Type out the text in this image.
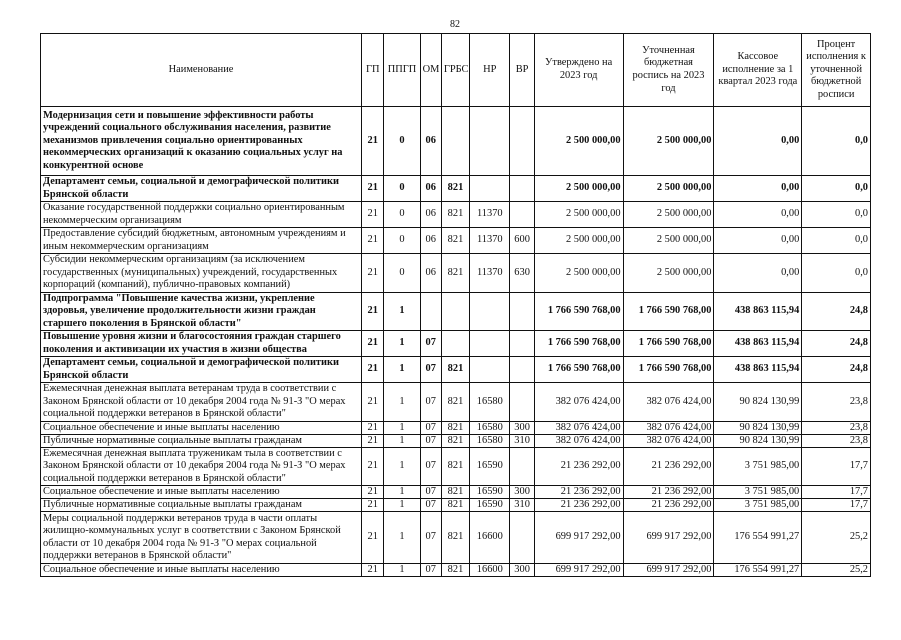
82
Наименование	ГП	ППГП	ОМ	ГРБС	НР	ВР	Утверждено на 2023 год	Уточненная бюджетная роспись на 2023 год	Кассовое исполнение за 1 квартал 2023 года	Процент исполнения к уточненной бюджетной росписи
Модернизация сети и повышение эффективности работы учреждений социального обслуживания населения, развитие механизмов привлечения социально ориентированных некоммерческих организаций к оказанию социальных услуг на конкурентной основе	21	0	06				2 500 000,00	2 500 000,00	0,00	0,0
Департамент семьи, социальной и демографической политики Брянской области	21	0	06	821			2 500 000,00	2 500 000,00	0,00	0,0
Оказание государственной поддержки социально ориентированным некоммерческим организациям	21	0	06	821	11370		2 500 000,00	2 500 000,00	0,00	0,0
Предоставление субсидий бюджетным, автономным учреждениям и иным некоммерческим организациям	21	0	06	821	11370	600	2 500 000,00	2 500 000,00	0,00	0,0
Субсидии некоммерческим организациям (за исключением государственных (муниципальных) учреждений, государственных корпораций (компаний), публично-правовых компаний)	21	0	06	821	11370	630	2 500 000,00	2 500 000,00	0,00	0,0
Подпрограмма "Повышение качества жизни, укрепление здоровья, увеличение продолжительности жизни граждан старшего поколения в Брянской области"	21	1					1 766 590 768,00	1 766 590 768,00	438 863 115,94	24,8
Повышение уровня жизни и благосостояния граждан старшего поколения и активизации их участия в жизни общества	21	1	07				1 766 590 768,00	1 766 590 768,00	438 863 115,94	24,8
Департамент семьи, социальной и демографической политики Брянской области	21	1	07	821			1 766 590 768,00	1 766 590 768,00	438 863 115,94	24,8
Ежемесячная денежная выплата ветеранам труда в соответствии с Законом Брянской области от 10 декабря 2004 года № 91-З "О мерах социальной поддержки ветеранов в Брянской области"	21	1	07	821	16580		382 076 424,00	382 076 424,00	90 824 130,99	23,8
Социальное обеспечение и иные выплаты населению	21	1	07	821	16580	300	382 076 424,00	382 076 424,00	90 824 130,99	23,8
Публичные нормативные социальные выплаты гражданам	21	1	07	821	16580	310	382 076 424,00	382 076 424,00	90 824 130,99	23,8
Ежемесячная денежная выплата труженикам тыла в соответствии с Законом Брянской области от 10 декабря 2004 года № 91-З "О мерах социальной поддержки ветеранов в Брянской области"	21	1	07	821	16590		21 236 292,00	21 236 292,00	3 751 985,00	17,7
Социальное обеспечение и иные выплаты населению	21	1	07	821	16590	300	21 236 292,00	21 236 292,00	3 751 985,00	17,7
Публичные нормативные социальные выплаты гражданам	21	1	07	821	16590	310	21 236 292,00	21 236 292,00	3 751 985,00	17,7
Меры социальной поддержки ветеранов труда в части оплаты жилищно-коммунальных услуг в соответствии с Законом Брянской области от 10 декабря 2004 года № 91-З "О мерах социальной поддержки ветеранов в Брянской области"	21	1	07	821	16600		699 917 292,00	699 917 292,00	176 554 991,27	25,2
Социальное обеспечение и иные выплаты населению	21	1	07	821	16600	300	699 917 292,00	699 917 292,00	176 554 991,27	25,2
